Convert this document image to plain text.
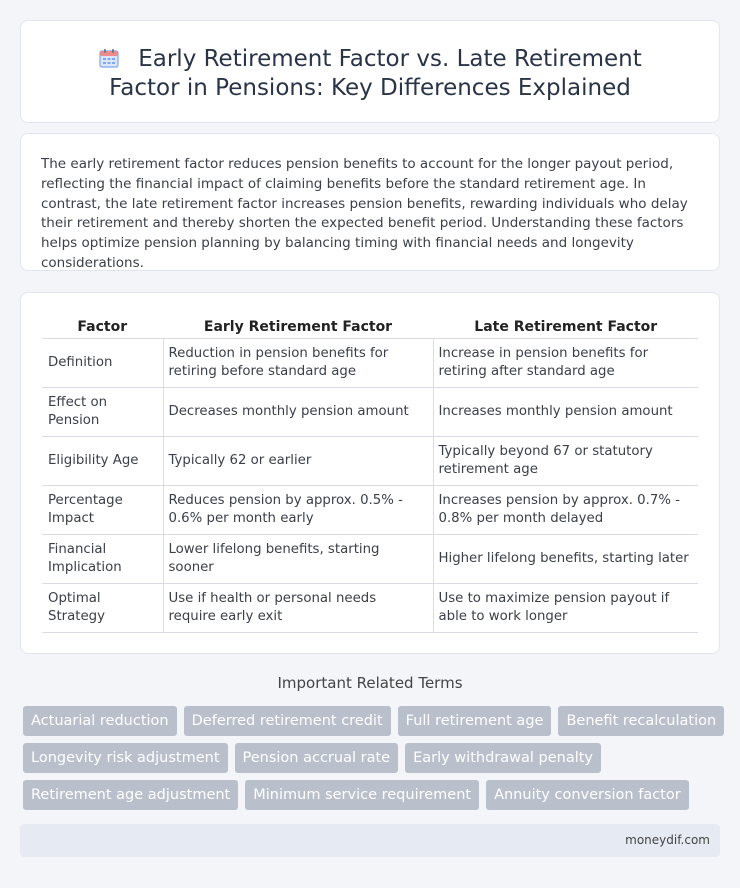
Early Retirement Factor vs. Late Retirement Factor in Pensions: Key Differences Explained

The early retirement factor reduces pension benefits to account for the longer payout period, reflecting the financial impact of claiming benefits before the standard retirement age. In contrast, the late retirement factor increases pension benefits, rewarding individuals who delay their retirement and thereby shorten the expected benefit period. Understanding these factors helps optimize pension planning by balancing timing with financial needs and longevity considerations.

Factor	Early Retirement Factor	Late Retirement Factor
Definition	Reduction in pension benefits for retiring before standard age	Increase in pension benefits for retiring after standard age
Effect on Pension	Decreases monthly pension amount	Increases monthly pension amount
Eligibility Age	Typically 62 or earlier	Typically beyond 67 or statutory retirement age
Percentage Impact	Reduces pension by approx. 0.5% - 0.6% per month early	Increases pension by approx. 0.7% - 0.8% per month delayed
Financial Implication	Lower lifelong benefits, starting sooner	Higher lifelong benefits, starting later
Optimal Strategy	Use if health or personal needs require early exit	Use to maximize pension payout if able to work longer
Important Related Terms
Actuarial reduction	Deferred retirement credit	Full retirement age	Benefit recalculation
Longevity risk adjustment	Pension accrual rate	Early withdrawal penalty
Retirement age adjustment	Minimum service requirement	Annuity conversion factor
moneydif.com
